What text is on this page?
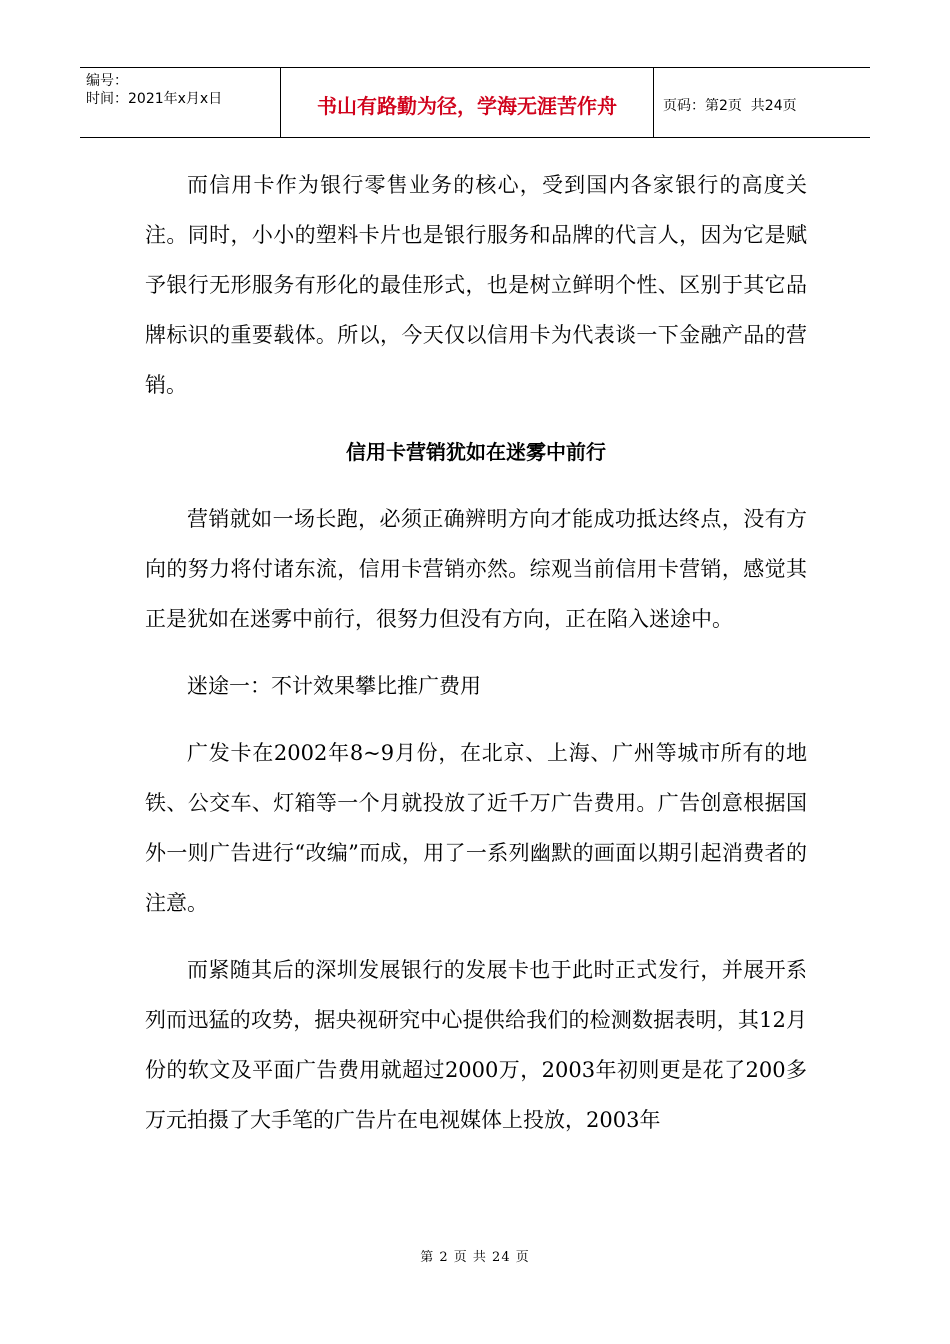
编号：
时间：2021年x月x日	书山有路勤为径，学海无涯苦作舟	页码：第2页  共24页

而信用卡作为银行零售业务的核心，受到国内各家银行的高度关注。同时，小小的塑料卡片也是银行服务和品牌的代言人，因为它是赋予银行无形服务有形化的最佳形式，也是树立鲜明个性、区别于其它品牌标识的重要载体。所以，今天仅以信用卡为代表谈一下金融产品的营销。

信用卡营销犹如在迷雾中前行

营销就如一场长跑，必须正确辨明方向才能成功抵达终点，没有方向的努力将付诸东流，信用卡营销亦然。综观当前信用卡营销，感觉其正是犹如在迷雾中前行，很努力但没有方向，正在陷入迷途中。

迷途一：不计效果攀比推广费用

广发卡在2002年8~9月份，在北京、上海、广州等城市所有的地铁、公交车、灯箱等一个月就投放了近千万广告费用。广告创意根据国外一则广告进行“改编”而成，用了一系列幽默的画面以期引起消费者的注意。

而紧随其后的深圳发展银行的发展卡也于此时正式发行，并展开系列而迅猛的攻势，据央视研究中心提供给我们的检测数据表明，其12月份的软文及平面广告费用就超过2000万，2003年初则更是花了200多万元拍摄了大手笔的广告片在电视媒体上投放，2003年

第 2 页 共 24 页
